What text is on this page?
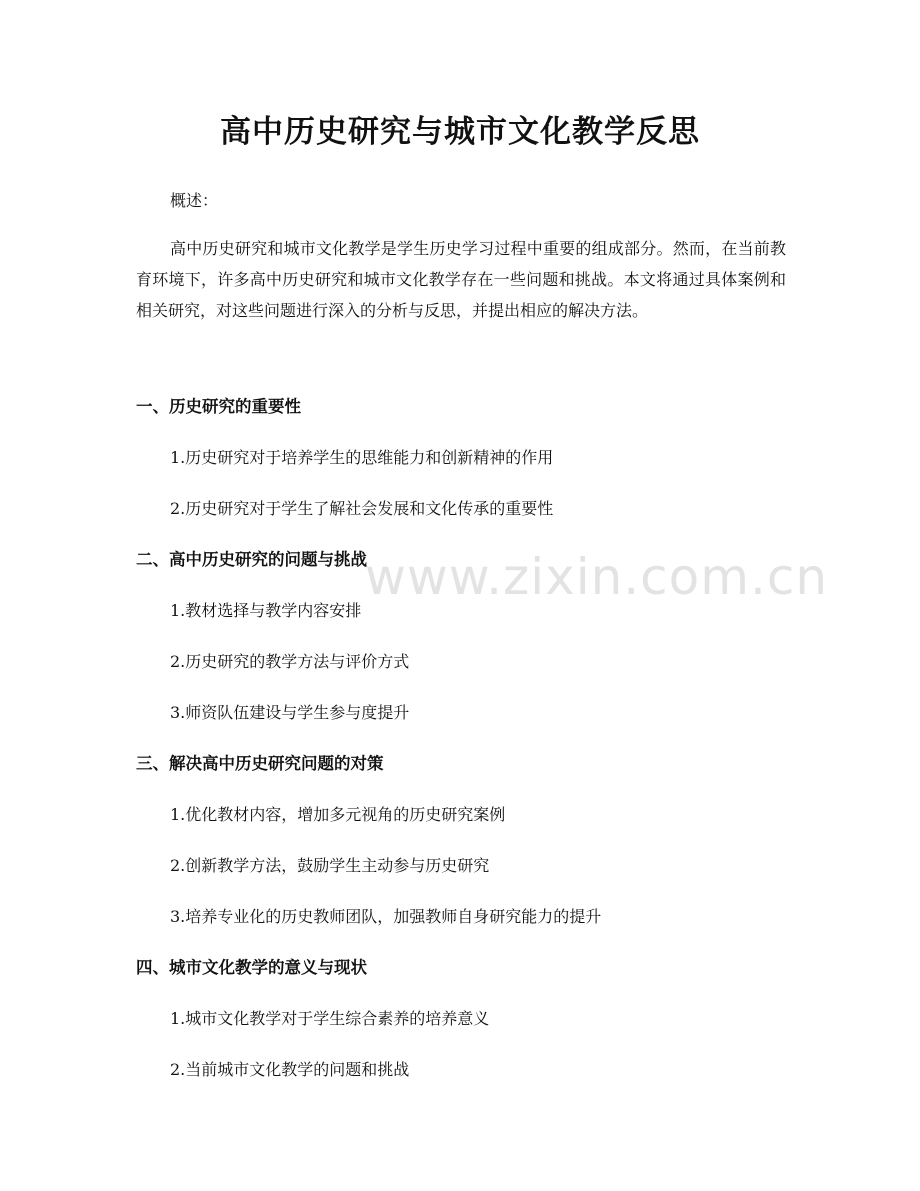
高中历史研究与城市文化教学反思
概述：

高中历史研究和城市文化教学是学生历史学习过程中重要的组成部分。然而，在当前教育环境下，许多高中历史研究和城市文化教学存在一些问题和挑战。本文将通过具体案例和相关研究，对这些问题进行深入的分析与反思，并提出相应的解决方法。

一、历史研究的重要性
1.历史研究对于培养学生的思维能力和创新精神的作用
2.历史研究对于学生了解社会发展和文化传承的重要性
二、高中历史研究的问题与挑战
1.教材选择与教学内容安排
2.历史研究的教学方法与评价方式
3.师资队伍建设与学生参与度提升
三、解决高中历史研究问题的对策
1.优化教材内容，增加多元视角的历史研究案例
2.创新教学方法，鼓励学生主动参与历史研究
3.培养专业化的历史教师团队，加强教师自身研究能力的提升
四、城市文化教学的意义与现状
1.城市文化教学对于学生综合素养的培养意义
2.当前城市文化教学的问题和挑战
www.zixin.com.cn
